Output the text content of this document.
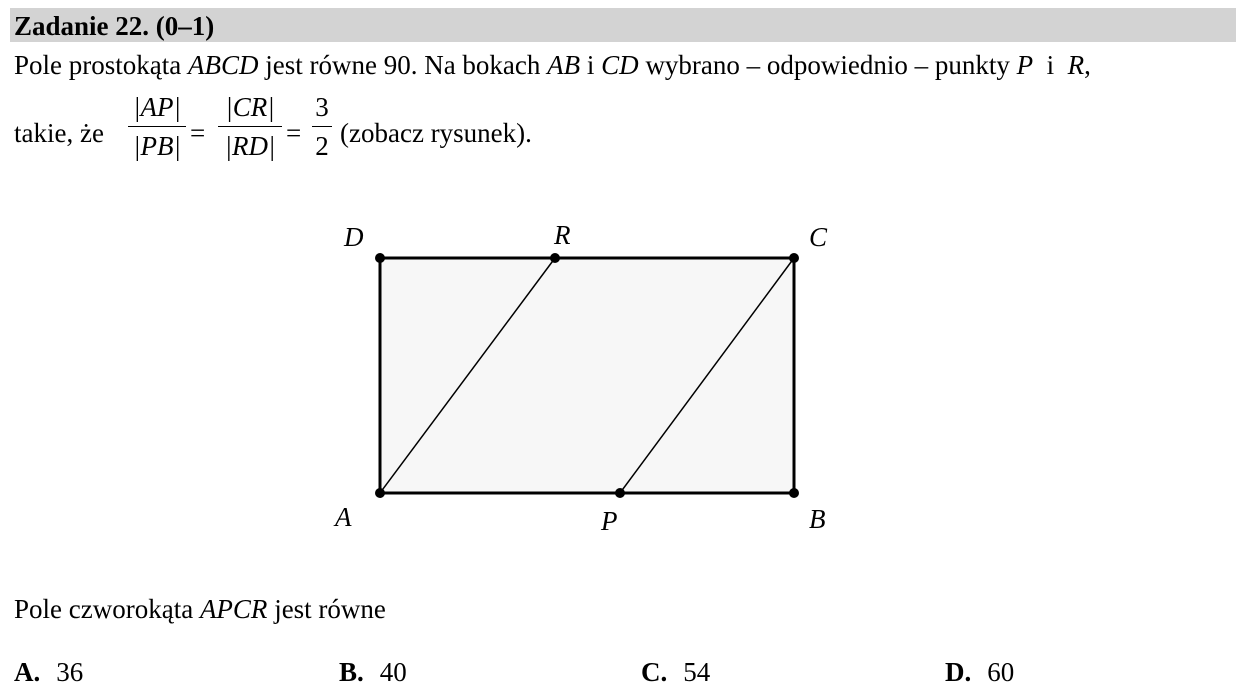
Zadanie 22. (0–1)
Pole prostokąta ABCD jest równe 90. Na bokach AB i CD wybrano – odpowiednio – punkty P  i  R,
takie, że
|AP|
|PB| =
|CR|
|RD| =
3
2 (zobacz rysunek).
D	R	C
A	P	B
Pole czworokąta APCR jest równe
A. 36	B. 40	C. 54	D. 60
